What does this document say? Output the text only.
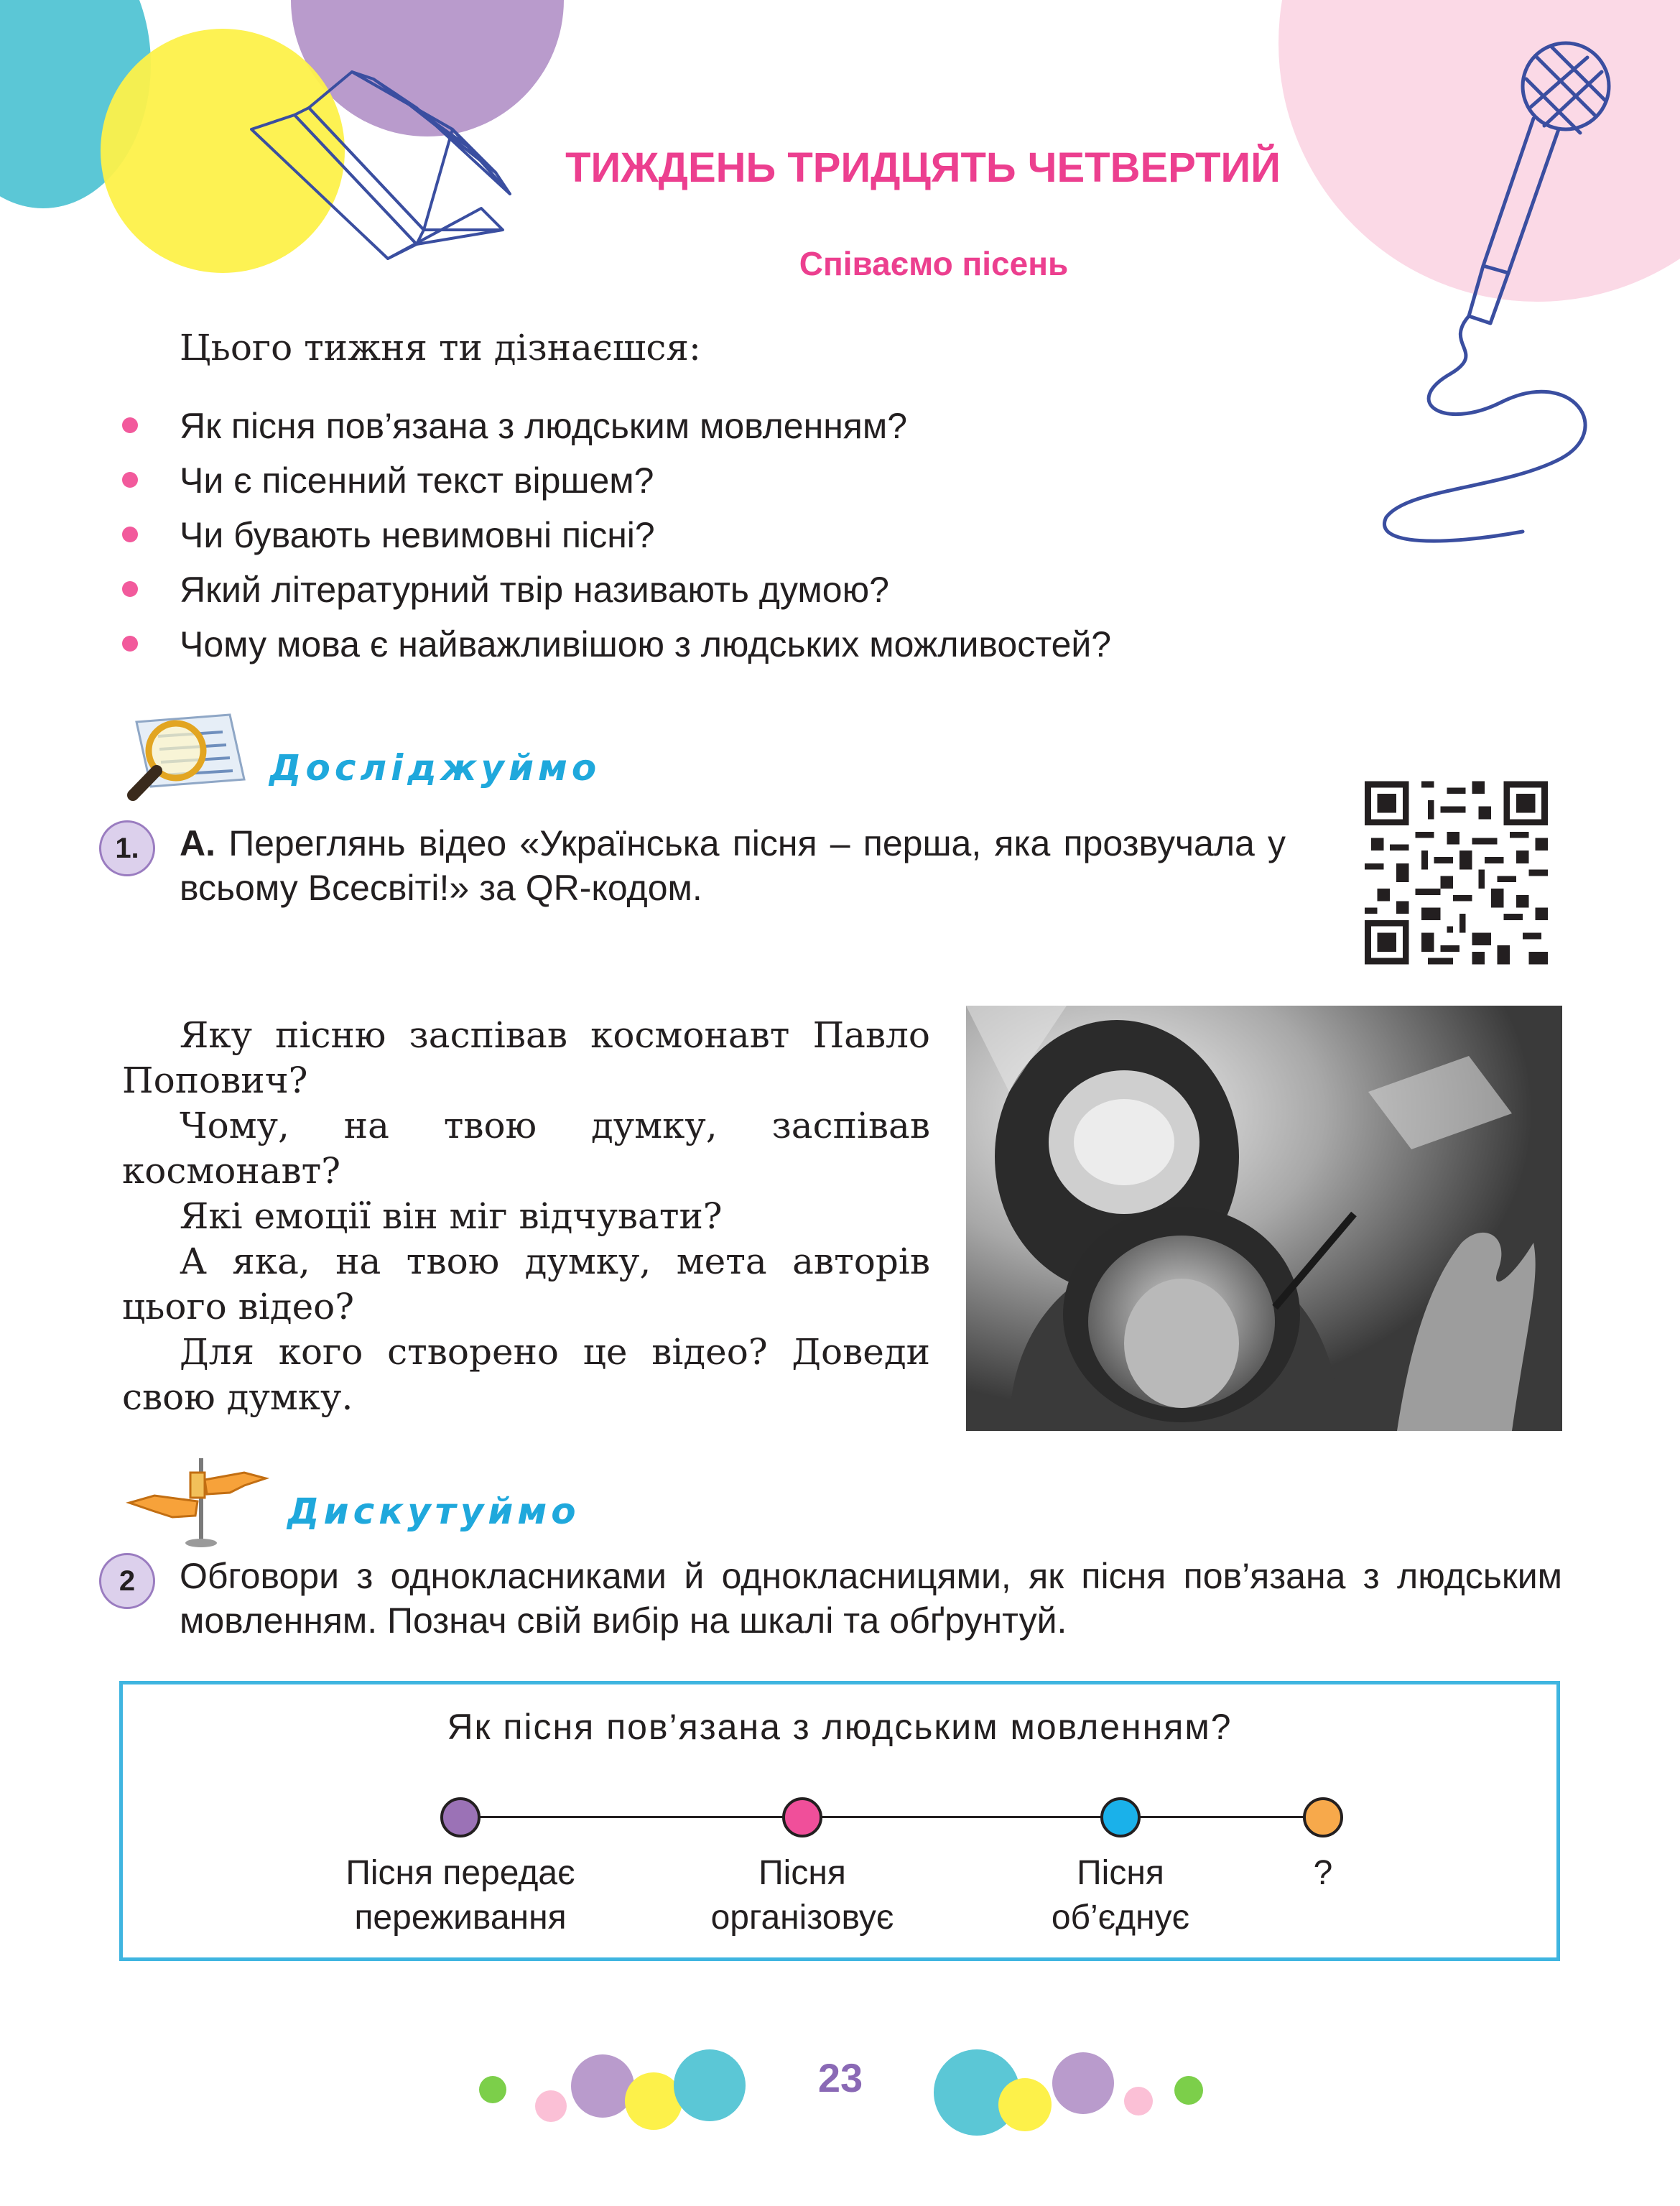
ТИЖДЕНЬ ТРИДЦЯТЬ ЧЕТВЕРТИЙ
Співаємо пісень
Цього тижня ти дізнаєшся:
Як пісня пов’язана з людським мовленням?
Чи є пісенний текст віршем?
Чи бувають невимовні пісні?
Який літературний твір називають думою?
Чому мова є найважливішою з людських можливостей?
Досліджуймо
1.	А. Переглянь відео «Українська пісня – перша, яка прозвучала у всьому Всесвіті!» за QR-кодом.

Яку пісню заспівав космонавт Павло Попович?

Чому, на твою думку, заспівав космонавт?

Які емоції він міг відчувати?

А яка, на твою думку, мета авторів цього відео?

Для кого створено це відео? Доведи свою думку.

Дискутуймо
2	Обговори з однокласниками й однокласницями, як пісня пов’язана з людським мовленням. Познач свій вибір на шкалі та обґрунтуй.
Як пісня пов’язана з людським мовленням?
Пісня передає
переживання
Пісня
організовує
Пісня
об’єднує
?
23
